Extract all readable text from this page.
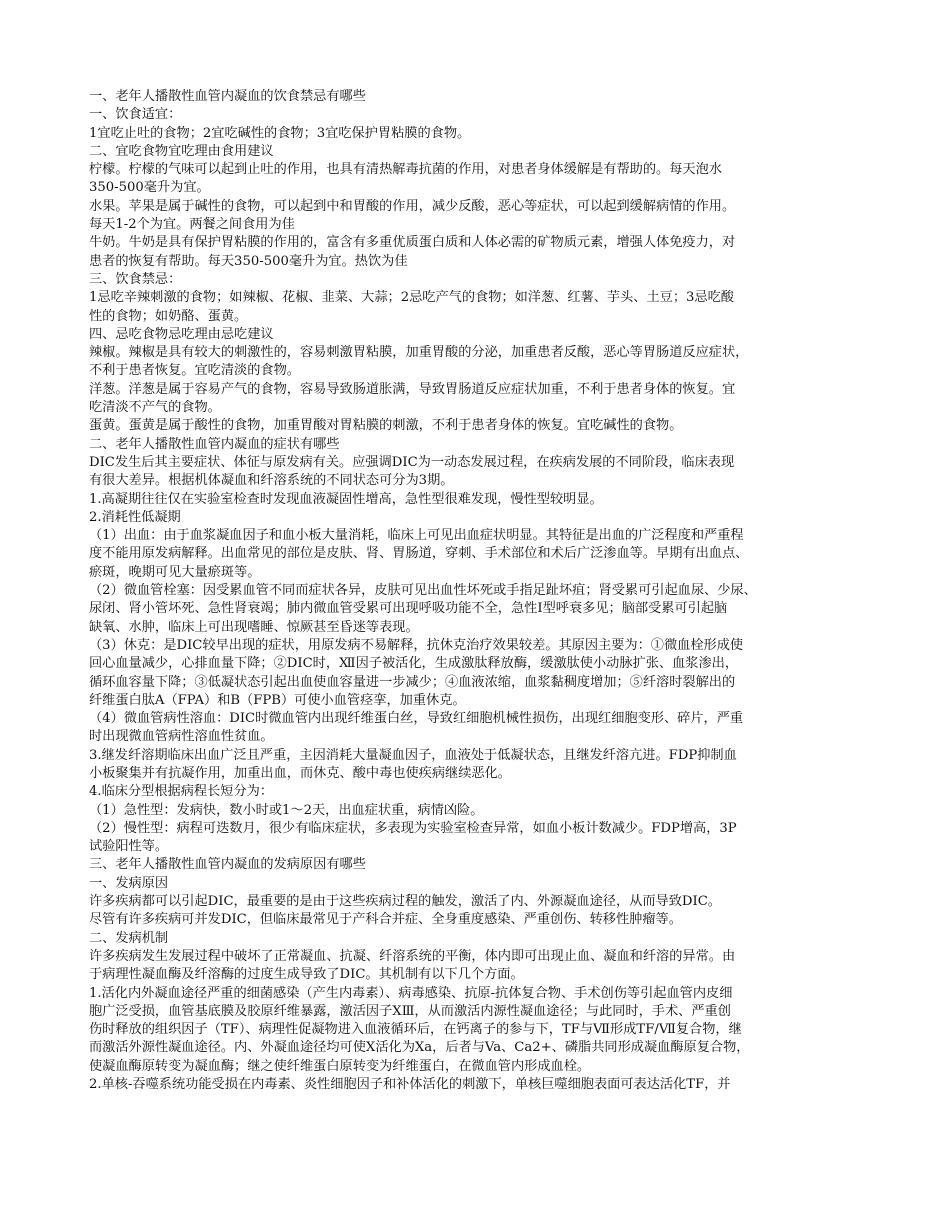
一、老年人播散性血管内凝血的饮食禁忌有哪些

一、饮食适宜：

1宜吃止吐的食物；2宜吃碱性的食物；3宜吃保护胃粘膜的食物。

二、宜吃食物宜吃理由食用建议

柠檬。柠檬的气味可以起到止吐的作用，也具有清热解毒抗菌的作用，对患者身体缓解是有帮助的。每天泡水

350-500毫升为宜。

水果。苹果是属于碱性的食物，可以起到中和胃酸的作用，减少反酸，恶心等症状，可以起到缓解病情的作用。

每天1-2个为宜。两餐之间食用为佳

牛奶。牛奶是具有保护胃粘膜的作用的，富含有多重优质蛋白质和人体必需的矿物质元素，增强人体免疫力，对

患者的恢复有帮助。每天350-500毫升为宜。热饮为佳

三、饮食禁忌：

1忌吃辛辣刺激的食物；如辣椒、花椒、韭菜、大蒜；2忌吃产气的食物；如洋葱、红薯、芋头、土豆；3忌吃酸

性的食物；如奶酪、蛋黄。

四、忌吃食物忌吃理由忌吃建议

辣椒。辣椒是具有较大的刺激性的，容易刺激胃粘膜，加重胃酸的分泌，加重患者反酸，恶心等胃肠道反应症状，

不利于患者恢复。宜吃清淡的食物。

洋葱。洋葱是属于容易产气的食物，容易导致肠道胀满，导致胃肠道反应症状加重，不利于患者身体的恢复。宜

吃清淡不产气的食物。

蛋黄。蛋黄是属于酸性的食物，加重胃酸对胃粘膜的刺激，不利于患者身体的恢复。宜吃碱性的食物。

二、老年人播散性血管内凝血的症状有哪些

DIC发生后其主要症状、体征与原发病有关。应强调DIC为一动态发展过程，在疾病发展的不同阶段，临床表现

有很大差异。根据机体凝血和纤溶系统的不同状态可分为3期。

1.高凝期往往仅在实验室检查时发现血液凝固性增高，急性型很难发现，慢性型较明显。

2.消耗性低凝期

（1）出血：由于血浆凝血因子和血小板大量消耗，临床上可见出血症状明显。其特征是出血的广泛程度和严重程

度不能用原发病解释。出血常见的部位是皮肤、肾、胃肠道，穿刺、手术部位和术后广泛渗血等。早期有出血点、

瘀斑，晚期可见大量瘀斑等。

（2）微血管栓塞：因受累血管不同而症状各异，皮肤可见出血性坏死或手指足趾坏疽；肾受累可引起血尿、少尿、

尿闭、肾小管坏死、急性肾衰竭；肺内微血管受累可出现呼吸功能不全，急性Ⅰ型呼衰多见；脑部受累可引起脑

缺氧、水肿，临床上可出现嗜睡、惊厥甚至昏迷等表现。

（3）休克：是DIC较早出现的症状，用原发病不易解释，抗休克治疗效果较差。其原因主要为：①微血栓形成使

回心血量减少，心排血量下降；②DIC时，Ⅻ因子被活化，生成激肽释放酶，缓激肽使小动脉扩张、血浆渗出，

循环血容量下降；③低凝状态引起出血使血容量进一步减少；④血液浓缩，血浆黏稠度增加；⑤纤溶时裂解出的

纤维蛋白肽A（FPA）和B（FPB）可使小血管痉挛，加重休克。

（4）微血管病性溶血：DIC时微血管内出现纤维蛋白丝，导致红细胞机械性损伤，出现红细胞变形、碎片，严重

时出现微血管病性溶血性贫血。

3.继发纤溶期临床出血广泛且严重，主因消耗大量凝血因子，血液处于低凝状态，且继发纤溶亢进。FDP抑制血

小板聚集并有抗凝作用，加重出血，而休克、酸中毒也使疾病继续恶化。

4.临床分型根据病程长短分为：

（1）急性型：发病快，数小时或1～2天，出血症状重，病情凶险。

（2）慢性型：病程可迭数月，很少有临床症状，多表现为实验室检查异常，如血小板计数减少。FDP增高，3P

试验阳性等。

三、老年人播散性血管内凝血的发病原因有哪些

一、发病原因

许多疾病都可以引起DIC，最重要的是由于这些疾病过程的触发，激活了内、外源凝血途径，从而导致DIC。

尽管有许多疾病可并发DIC，但临床最常见于产科合并症、全身重度感染、严重创伤、转移性肿瘤等。

二、发病机制

许多疾病发生发展过程中破坏了正常凝血、抗凝、纤溶系统的平衡，体内即可出现止血、凝血和纤溶的异常。由

于病理性凝血酶及纤溶酶的过度生成导致了DIC。其机制有以下几个方面。

1.活化内外凝血途径严重的细菌感染（产生内毒素）、病毒感染、抗原-抗体复合物、手术创伤等引起血管内皮细

胞广泛受损，血管基底膜及胶原纤维暴露，激活因子ⅩⅢ，从而激活内源性凝血途径；与此同时，手术、严重创

伤时释放的组织因子（TF）、病理性促凝物进入血液循环后，在钙离子的参与下，TF与Ⅶ形成TF/Ⅶ复合物，继

而激活外源性凝血途径。内、外凝血途径均可使Ⅹ活化为Ⅹa，后者与Va、Ca2+、磷脂共同形成凝血酶原复合物，

使凝血酶原转变为凝血酶；继之使纤维蛋白原转变为纤维蛋白，在微血管内形成血栓。

2.单核-吞噬系统功能受损在内毒素、炎性细胞因子和补体活化的刺激下，单核巨噬细胞表面可表达活化TF，并
